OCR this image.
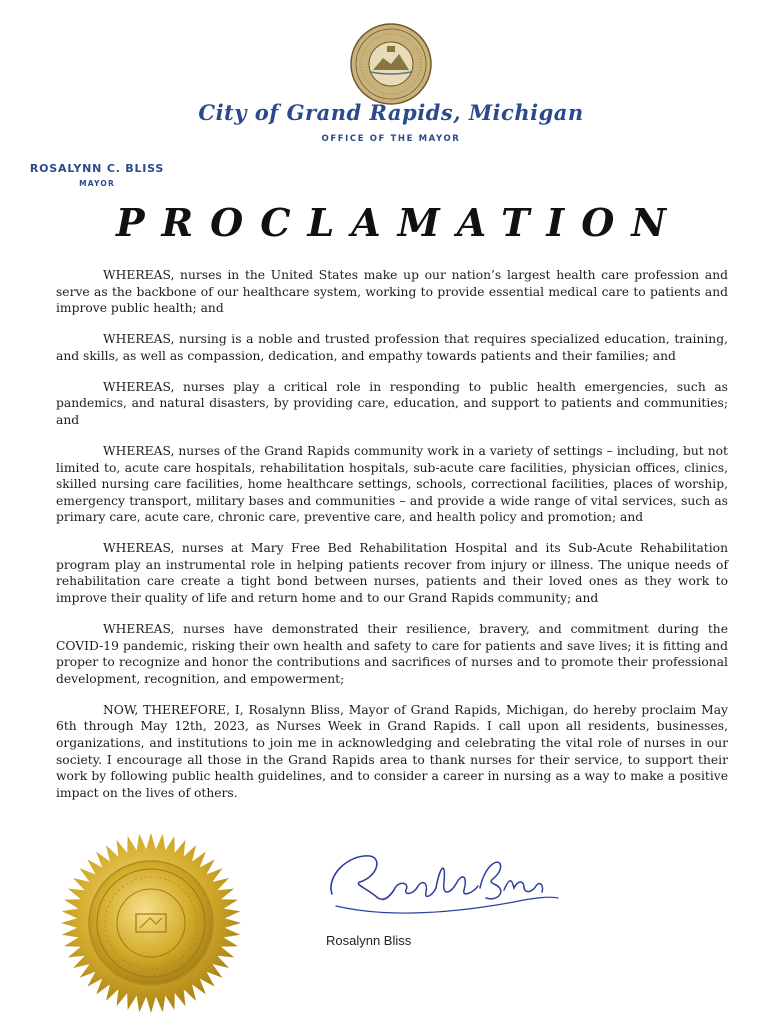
City of Grand Rapids, Michigan
OFFICE OF THE MAYOR
ROSALYNN C. BLISS
MAYOR
PROCLAMATION

WHEREAS, nurses in the United States make up our nation’s largest health care profession and serve as the backbone of our healthcare system, working to provide essential medical care to patients and improve public health; and

WHEREAS, nursing is a noble and trusted profession that requires specialized education, training, and skills, as well as compassion, dedication, and empathy towards patients and their families; and

WHEREAS, nurses play a critical role in responding to public health emergencies, such as pandemics, and natural disasters, by providing care, education, and support to patients and communities; and

WHEREAS, nurses of the Grand Rapids community work in a variety of settings – including, but not limited to, acute care hospitals, rehabilitation hospitals, sub-acute care facilities, physician offices, clinics, skilled nursing care facilities, home healthcare settings, schools, correctional facilities, places of worship, emergency transport, military bases and communities – and provide a wide range of vital services, such as primary care, acute care, chronic care, preventive care, and health policy and promotion; and

WHEREAS, nurses at Mary Free Bed Rehabilitation Hospital and its Sub-Acute Rehabilitation program play an instrumental role in helping patients recover from injury or illness. The unique needs of rehabilitation care create a tight bond between nurses, patients and their loved ones as they work to improve their quality of life and return home and to our Grand Rapids community; and

WHEREAS, nurses have demonstrated their resilience, bravery, and commitment during the COVID-19 pandemic, risking their own health and safety to care for patients and save lives; it is fitting and proper to recognize and honor the contributions and sacrifices of nurses and to promote their professional development, recognition, and empowerment;

NOW, THEREFORE, I, Rosalynn Bliss, Mayor of Grand Rapids, Michigan, do hereby proclaim May 6th through May 12th, 2023, as Nurses Week in Grand Rapids. I call upon all residents, businesses, organizations, and institutions to join me in acknowledging and celebrating the vital role of nurses in our society. I encourage all those in the Grand Rapids area to thank nurses for their service, to support their work by following public health guidelines, and to consider a career in nursing as a way to make a positive impact on the lives of others.

Rosalynn Bliss
